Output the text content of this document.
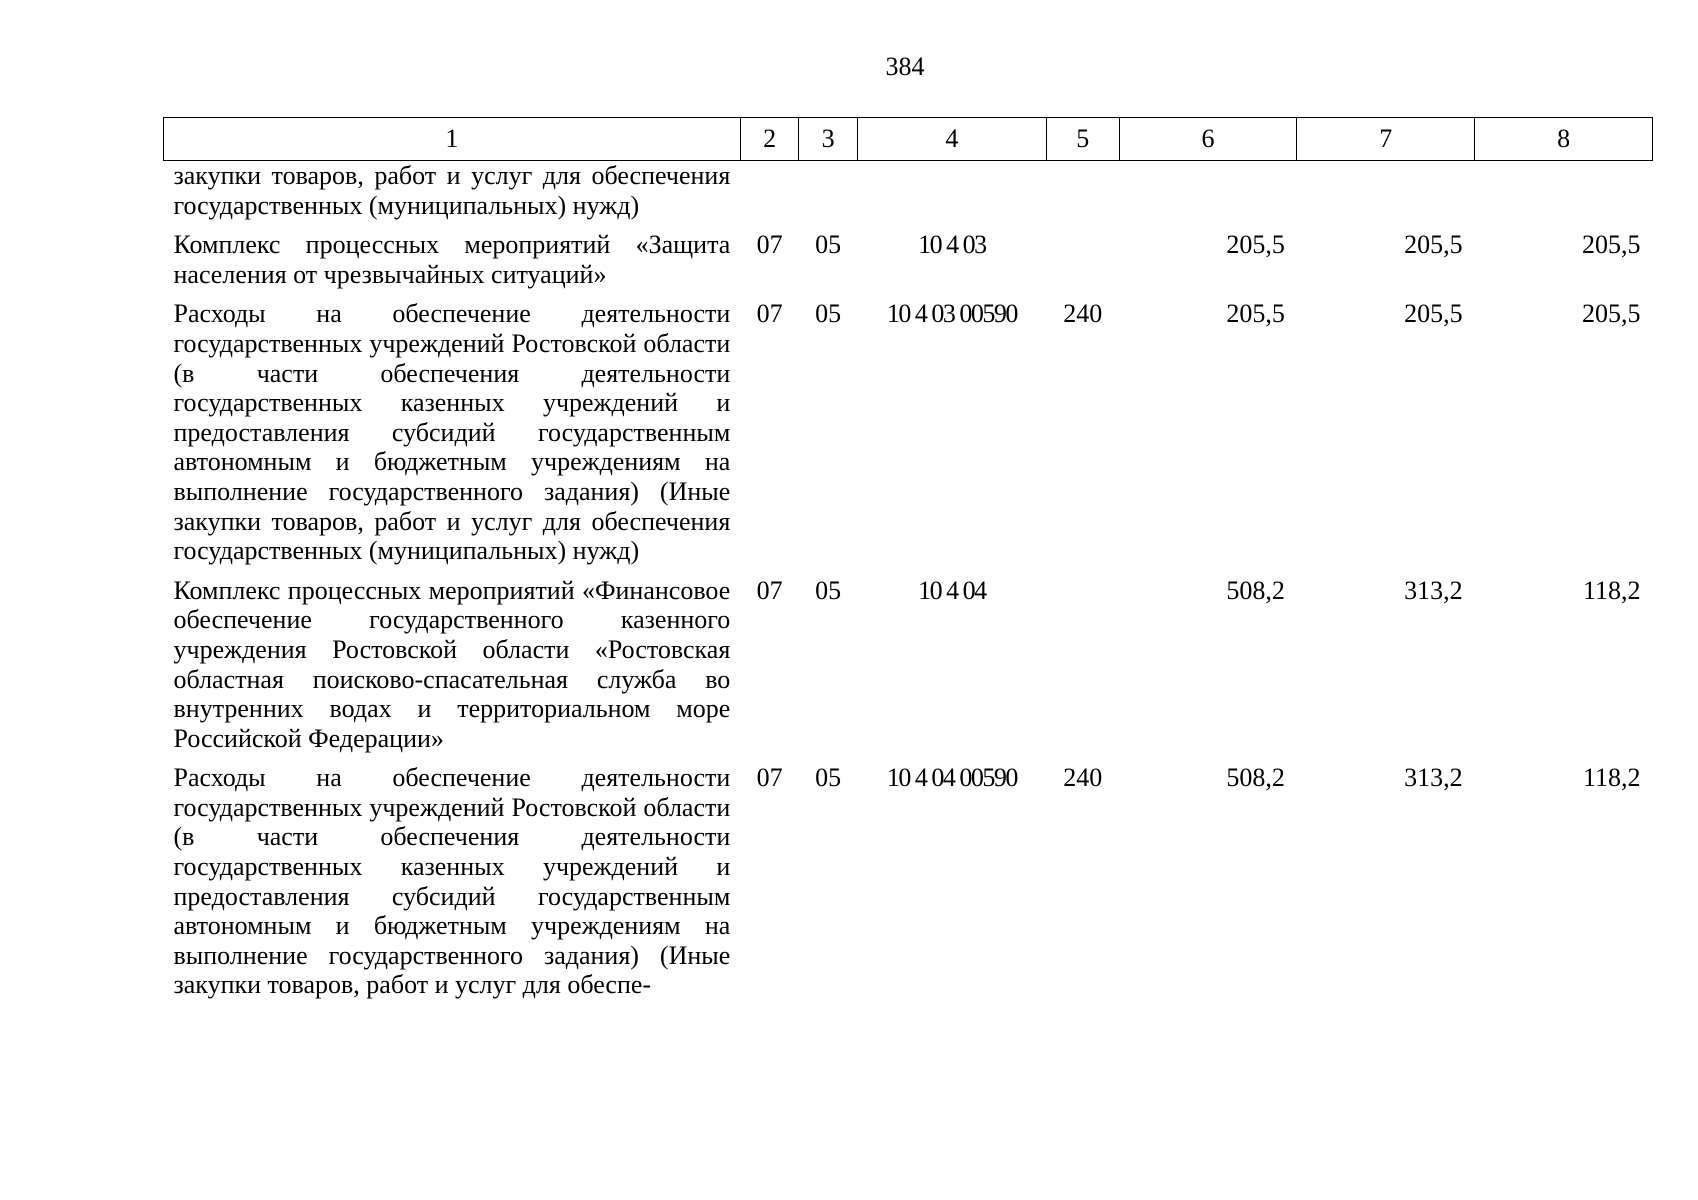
384
1	2	3	4	5	6	7	8
закупки товаров, работ и услуг для обеспечения государственных (муниципальных) нужд)							
Комплекс процессных мероприятий «Защита населения от чрезвычайных ситуаций»	07	05	10 4 03		205,5	205,5	205,5
Расходы на обеспечение деятельности государственных учреждений Ростовской области (в части обеспечения деятельности государственных казенных учреждений и предоставления субсидий государственным автономным и бюджетным учреждениям на выполнение государственного задания) (Иные закупки товаров, работ и услуг для обеспечения государственных (муниципальных) нужд)	07	05	10 4 03 00590	240	205,5	205,5	205,5
Комплекс процессных мероприятий «Финансовое обеспечение государственного казенного учреждения Ростовской области «Ростовская областная поисково-спасательная служба во внутренних водах и территориальном море Российской Федерации»	07	05	10 4 04		508,2	313,2	118,2
Расходы на обеспечение деятельности государственных учреждений Ростовской области (в части обеспечения деятельности государственных казенных учреждений и предоставления субсидий государственным автономным и бюджетным учреждениям на выполнение государственного задания) (Иные закупки товаров, работ и услуг для обеспе-	07	05	10 4 04 00590	240	508,2	313,2	118,2
